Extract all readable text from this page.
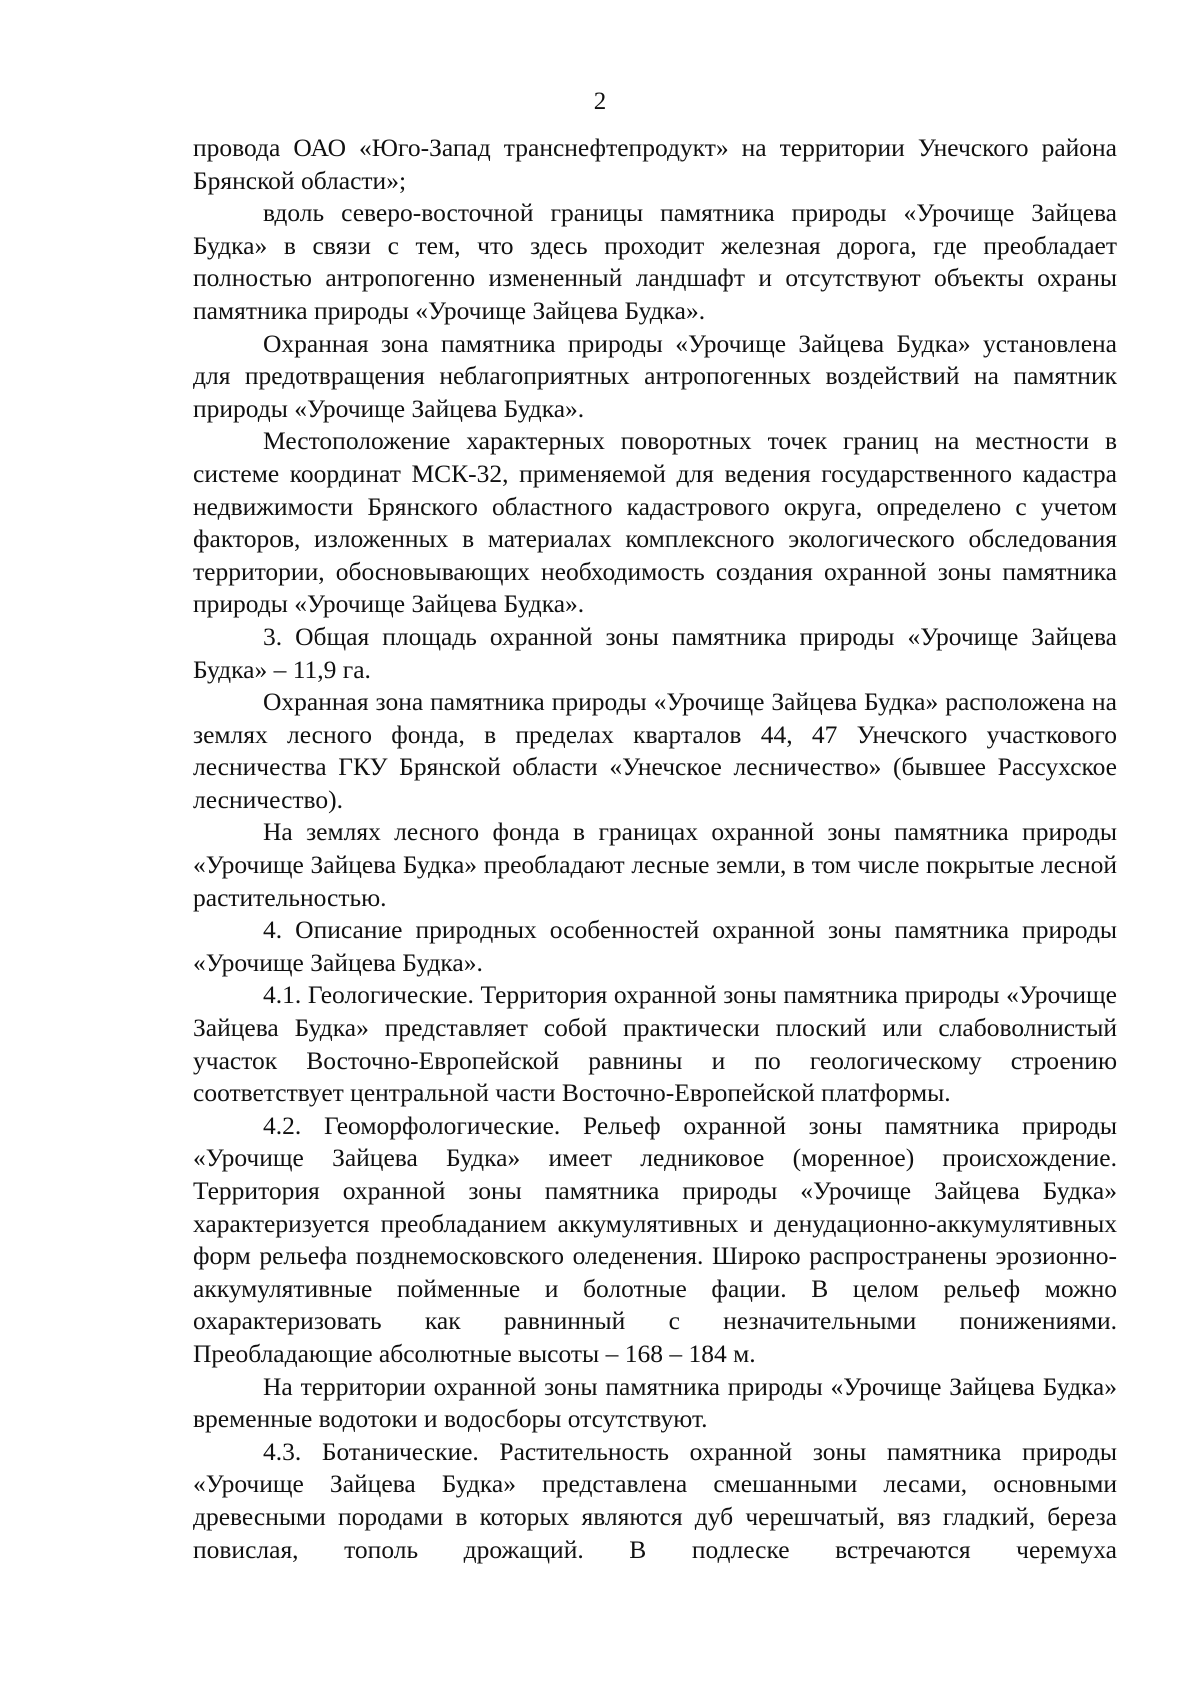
2

провода ОАО «Юго-Запад транснефтепродукт» на территории Унечского района Брянской области»;

вдоль северо-восточной границы памятника природы «Урочище Зайцева Будка» в связи с тем, что здесь проходит железная дорога, где преобладает полностью антропогенно измененный ландшафт и отсутствуют объекты охраны памятника природы «Урочище Зайцева Будка».

Охранная зона памятника природы «Урочище Зайцева Будка» установлена для предотвращения неблагоприятных антропогенных воздействий на памятник природы «Урочище Зайцева Будка».

Местоположение характерных поворотных точек границ на местности в системе координат МСК-32, применяемой для ведения государственного кадастра недвижимости Брянского областного кадастрового округа, определено с учетом факторов, изложенных в материалах комплексного экологического обследования территории, обосновывающих необходимость создания охранной зоны памятника природы «Урочище Зайцева Будка».

3. Общая площадь охранной зоны памятника природы «Урочище Зайцева Будка» – 11,9 га.

Охранная зона памятника природы «Урочище Зайцева Будка» расположена на землях лесного фонда, в пределах кварталов 44, 47 Унечского участкового лесничества ГКУ Брянской области «Унечское лесничество» (бывшее Рассухское лесничество).

На землях лесного фонда в границах охранной зоны памятника природы «Урочище Зайцева Будка» преобладают лесные земли, в том числе покрытые лесной растительностью.

4. Описание природных особенностей охранной зоны памятника природы «Урочище Зайцева Будка».

4.1. Геологические. Территория охранной зоны памятника природы «Урочище Зайцева Будка» представляет собой практически плоский или слабоволнистый участок Восточно-Европейской равнины и по геологическому строению соответствует центральной части Восточно-Европейской платформы.

4.2. Геоморфологические. Рельеф охранной зоны памятника природы «Урочище Зайцева Будка» имеет ледниковое (моренное) происхождение. Территория охранной зоны памятника природы «Урочище Зайцева Будка» характеризуется преобладанием аккумулятивных и денудационно-аккумулятивных форм рельефа позднемосковского оледенения. Широко распространены эрозионно-аккумулятивные пойменные и болотные фации. В целом рельеф можно охарактеризовать как равнинный с незначительными понижениями. Преобладающие абсолютные высоты – 168 – 184 м.

На территории охранной зоны памятника природы «Урочище Зайцева Будка» временные водотоки и водосборы отсутствуют.

4.3. Ботанические. Растительность охранной зоны памятника природы «Урочище Зайцева Будка» представлена смешанными лесами, основными древесными породами в которых являются дуб черешчатый, вяз гладкий, береза повислая, тополь дрожащий. В подлеске встречаются черемуха
